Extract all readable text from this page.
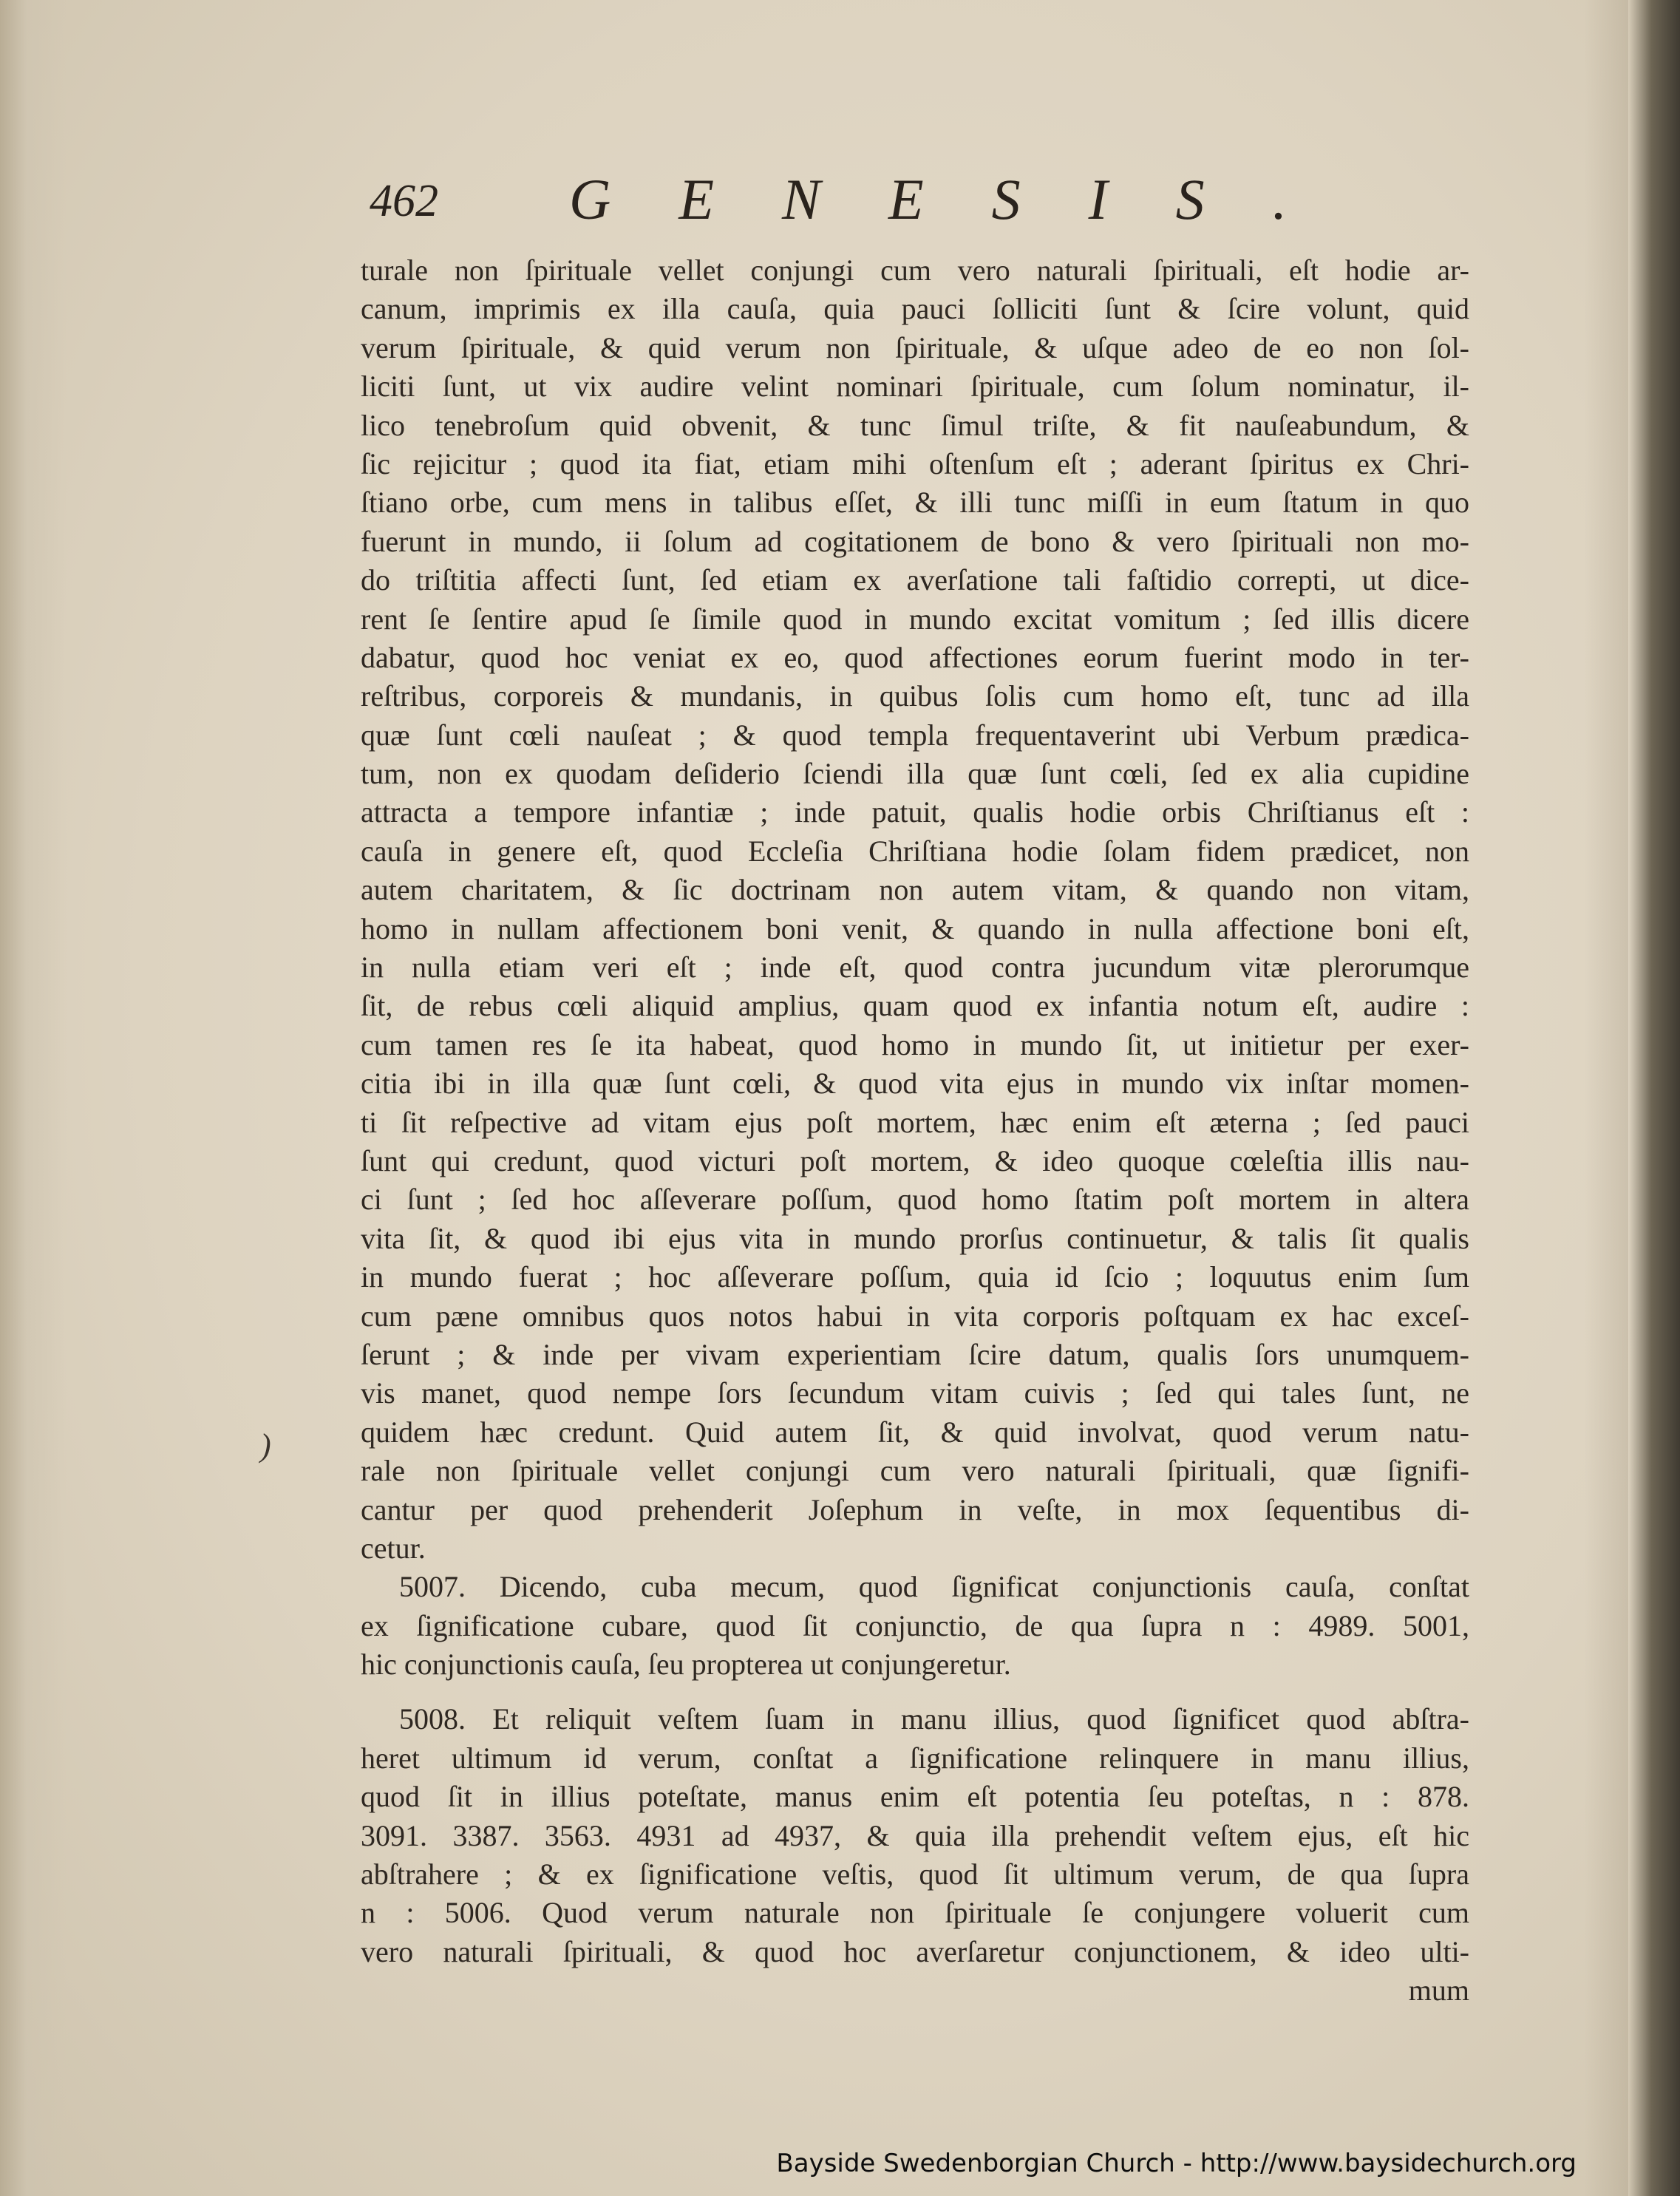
462 GENESIS.
)
turale non ſpirituale vellet conjungi cum vero naturali ſpirituali, eſt hodie ar-
canum, imprimis ex illa cauſa, quia pauci ſolliciti ſunt & ſcire volunt, quid
verum ſpirituale, & quid verum non ſpirituale, & uſque adeo de eo non ſol-
liciti ſunt, ut vix audire velint nominari ſpirituale, cum ſolum nominatur, il-
lico tenebroſum quid obvenit, & tunc ſimul triſte, & fit nauſeabundum, &
ſic rejicitur ; quod ita fiat, etiam mihi oſtenſum eſt ; aderant ſpiritus ex Chri-
ſtiano orbe, cum mens in talibus eſſet, & illi tunc miſſi in eum ſtatum in quo
fuerunt in mundo, ii ſolum ad cogitationem de bono & vero ſpirituali non mo-
do triſtitia affecti ſunt, ſed etiam ex averſatione tali faſtidio correpti, ut dice-
rent ſe ſentire apud ſe ſimile quod in mundo excitat vomitum ; ſed illis dicere
dabatur, quod hoc veniat ex eo, quod affectiones eorum fuerint modo in ter-
reſtribus, corporeis & mundanis, in quibus ſolis cum homo eſt, tunc ad illa
quæ ſunt cœli nauſeat ; & quod templa frequentaverint ubi Verbum prædica-
tum, non ex quodam deſiderio ſciendi illa quæ ſunt cœli, ſed ex alia cupidine
attracta a tempore infantiæ ; inde patuit, qualis hodie orbis Chriſtianus eſt :
cauſa in genere eſt, quod Eccleſia Chriſtiana hodie ſolam fidem prædicet, non
autem charitatem, & ſic doctrinam non autem vitam, & quando non vitam,
homo in nullam affectionem boni venit, & quando in nulla affectione boni eſt,
in nulla etiam veri eſt ; inde eſt, quod contra jucundum vitæ plerorumque
ſit, de rebus cœli aliquid amplius, quam quod ex infantia notum eſt, audire :
cum tamen res ſe ita habeat, quod homo in mundo ſit, ut initietur per exer-
citia ibi in illa quæ ſunt cœli, & quod vita ejus in mundo vix inſtar momen-
ti ſit reſpective ad vitam ejus poſt mortem, hæc enim eſt æterna ; ſed pauci
ſunt qui credunt, quod victuri poſt mortem, & ideo quoque cœleſtia illis nau-
ci ſunt ; ſed hoc aſſeverare poſſum, quod homo ſtatim poſt mortem in altera
vita ſit, & quod ibi ejus vita in mundo prorſus continuetur, & talis ſit qualis
in mundo fuerat ; hoc aſſeverare poſſum, quia id ſcio ; loquutus enim ſum
cum pæne omnibus quos notos habui in vita corporis poſtquam ex hac exceſ-
ſerunt ; & inde per vivam experientiam ſcire datum, qualis ſors unumquem-
vis manet, quod nempe ſors ſecundum vitam cuivis ; ſed qui tales ſunt, ne
quidem hæc credunt. Quid autem ſit, & quid involvat, quod verum natu-
rale non ſpirituale vellet conjungi cum vero naturali ſpirituali, quæ ſignifi-
cantur per quod prehenderit Joſephum in veſte, in mox ſequentibus di-
cetur.
5007. Dicendo, cuba mecum, quod ſignificat conjunctionis cauſa, conſtat
ex ſignificatione cubare, quod ſit conjunctio, de qua ſupra n : 4989. 5001,
hic conjunctionis cauſa, ſeu propterea ut conjungeretur.
5008. Et reliquit veſtem ſuam in manu illius, quod ſignificet quod abſtra-
heret ultimum id verum, conſtat a ſignificatione relinquere in manu illius,
quod ſit in illius poteſtate, manus enim eſt potentia ſeu poteſtas, n : 878.
3091. 3387. 3563. 4931 ad 4937, & quia illa prehendit veſtem ejus, eſt hic
abſtrahere ; & ex ſignificatione veſtis, quod ſit ultimum verum, de qua ſupra
n : 5006. Quod verum naturale non ſpirituale ſe conjungere voluerit cum
vero naturali ſpirituali, & quod hoc averſaretur conjunctionem, & ideo ulti-
mum
Bayside Swedenborgian Church - http://www.baysidechurch.org
